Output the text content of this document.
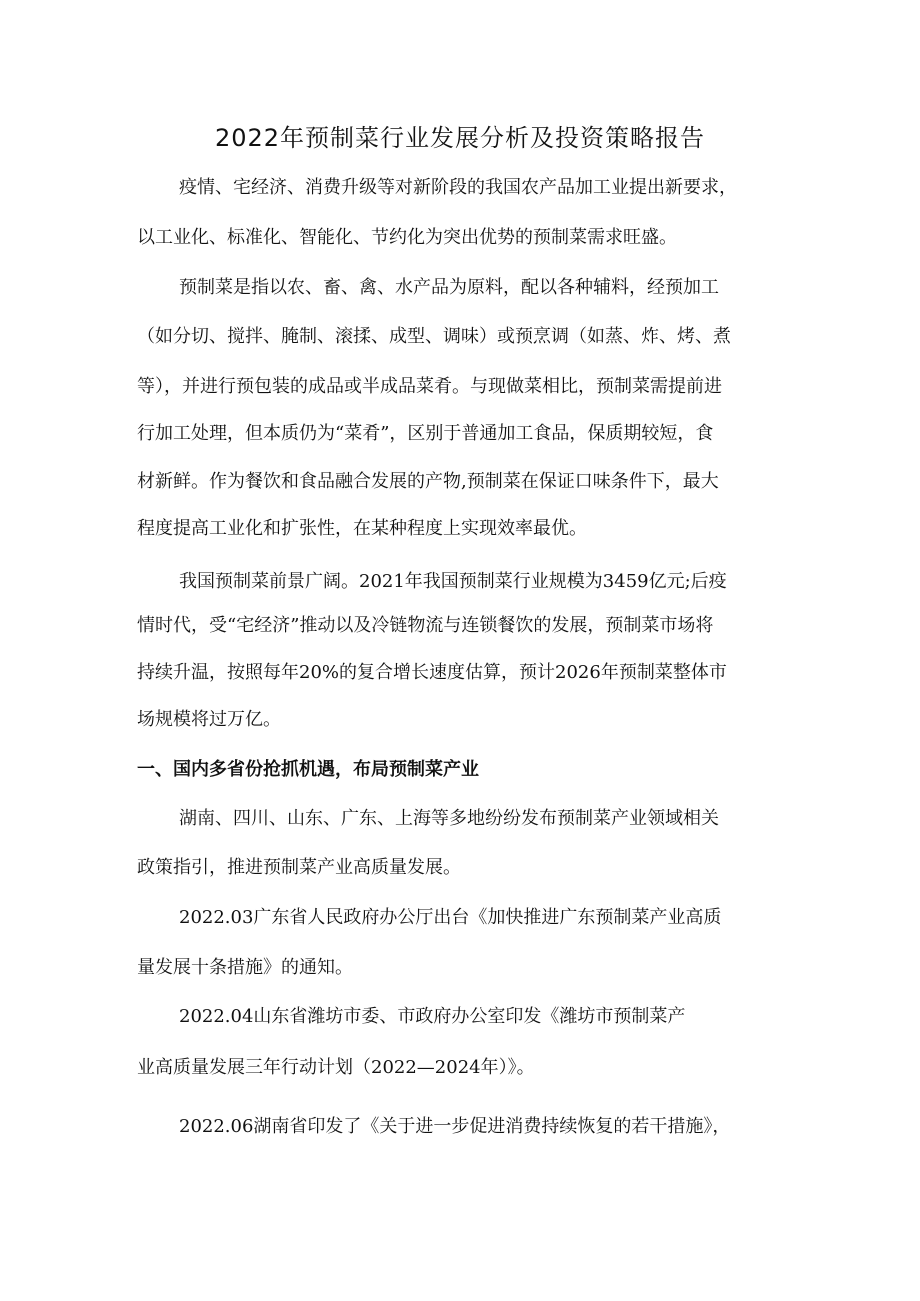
2022年预制菜行业发展分析及投资策略报告
疫情、宅经济、消费升级等对新阶段的我国农产品加工业提出新要求，
以工业化、标准化、智能化、节约化为突出优势的预制菜需求旺盛。
预制菜是指以农、畜、禽、水产品为原料，配以各种辅料，经预加工
（如分切、搅拌、腌制、滚揉、成型、调味）或预烹调（如蒸、炸、烤、煮
等），并进行预包装的成品或半成品菜肴。与现做菜相比，预制菜需提前进
行加工处理，但本质仍为“菜肴”，区别于普通加工食品，保质期较短，食
材新鲜。作为餐饮和食品融合发展的产物,预制菜在保证口味条件下，最大
程度提高工业化和扩张性，在某种程度上实现效率最优。
我国预制菜前景广阔。2021年我国预制菜行业规模为3459亿元;后疫
情时代，受“宅经济”推动以及冷链物流与连锁餐饮的发展，预制菜市场将
持续升温，按照每年20%的复合增长速度估算，预计2026年预制菜整体市
场规模将过万亿。
一、国内多省份抢抓机遇，布局预制菜产业
湖南、四川、山东、广东、上海等多地纷纷发布预制菜产业领域相关
政策指引，推进预制菜产业高质量发展。
2022.03广东省人民政府办公厅出台《加快推进广东预制菜产业高质
量发展十条措施》的通知。
2022.04山东省潍坊市委、市政府办公室印发《潍坊市预制菜产
业高质量发展三年行动计划（2022—2024年）》。
2022.06湖南省印发了《关于进一步促进消费持续恢复的若干措施》，
